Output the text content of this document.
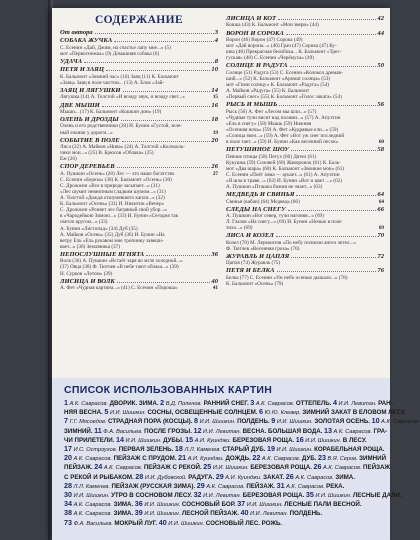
СОДЕРЖАНИЕ
От автора	3
СОБАКА ЖУЧКА	4
С. Есенин «Дай, Джим, на счастье лапу мне...» (5)
мот «Первоснежка» (9) Домашняя собака (6)
УДАЧА	8
ПЕТЯ И ЗАЯЦ	10
К. Бальмонт «Зимний час» (10) Заяц (11) К. Бальмонт
«Заяц» Заяц в поле чистом... (13) А. Блок «Зай-
ЗАЯЦ И ЛЯГУШКИ	14
15
Лягушка (14) А. Толстой «И всюду звук, и всюду свет...»
ДВЕ МЫШИ	16
Мыши... (17) К. Бальмонт «Кошкин дом» (19)
ОЛЕНЬ И ДРОЗДЫ	18
Олень и его родственники (20) И. Бунин «Густой, зеле-
19
ный ельник у дороги...»
СОБЫТИЕ В ПОЛЕ	20
Лиса (22) А. Майков «Нива» (24) А. Толстой «Колоколь-
чики мои...» (25) В. Брюсов «Облака» (25)
Еж (26)
СПОР ДЕРЕВЬЕВ	26
27
А. Пушкин «Осень» (28) Лес — это наше богатство
С. Есенин «Береза» (30) К. Бальмонт «Осень» (30)
С. Дрожжин «Все в природе засыпает...» (31)
«Лес шумит невнятным сладким шумом...» (31)
А. Толстой «Дождя отшумевшего капли...» (32)
К. Бальмонт «Осень» (33) И. Никитин «Вечер»
С. Дрожжин «Роняет лес багряный свой убор...»
в «Чародейкою Зимою...» (33) И. Бунин «Сегодня так
светло кругом...» (33)
А. Бунин «Листопад» (34) Дуб (35)
А. Майков «Осень» (35) Дуб (36) И. Бунин «На
ветру Ель «Ель рукавом мне тропинку завеши-
вает...» (36) Земляника (37)
НЕПОСЛУШНЫЕ ЯГНЯТА	36
Волк (36) А. Пушкин «Встаёт заря во мгле холодной...»
(37) Овца (38) Ф. Тютчев «В небе тают облака...» (39)
Н. Сурков «Летом» (39)
ЛИСИЦА И ВОЛК	40
41
А. Фет «Чудная картина...» (41) С. Есенин «Пороша»
ЛИСИЦА И КОТ	42
Кошка (43) К. Бальмонт «Мои звери» (44)
ВОРОН И СОРОКА	44
Ворон (46) Ворон (47) Сорока (49)
мот «Дай ворона...» (46) Грач (47) Сорока (47) Ку-
шка (48) Прекрасная белобока... К. Бальмонт «Трес-
гуская» (48) С. Есенин «Черёмуха» (49)
СОЛНЦЕ И РАДУГА	50
Солнце (51) Радуга (53) С. Есенин «Колокол дремав-
ший...» (52) К. Бальмонт «Аромат солнца» (53)
мот «Гимн солнцу» К. Бальмонт «Радуга» (54)
А. Майков «Радуга» (55) К. Бальмонт
«Первый снег» (55) К. Бальмонт «Голос заката» (54)
РЫСЬ И МЫШЬ	56
Рысь (56) А. Фет «Лесом мы шли...» (57)
«Чудные тучи висят над полями...» (57) А. Апухтин
«Ель в снегу» (58) Мышь (59) Нижняя
«Осенняя ночь» (59) А. Фет «Кудрявые ели...» (59)
«Солнца звон...» (59) А. Фет «Вот уж снег последний
60
в поле тает...» (59) И. Бунин «Как весенний песок»
ПЕТУШИНОЕ ШОУ	58
Певчие птицы (58) Петух (60) Дятел (61)
Кукушка (59) Соловей (60) Жаворонок (61) К. Баль-
мот «Два шара» (60) К. Бальмонт «Звонкие мои» (61)
С. Есенин «Поёт зима — аукает...» (61) А. Апухтин
«Я шла в траве...» (62) И. Бунин «Вот и цвет ...» (62)
А. Пушкин «Пташка божия не знает...» (63)
МЕДВЕДЬ И СВИНЬЯ	64
64
Свинья (кабан) (64) Медведь (66)
СЛЕДЫ НА СНЕГУ	66
А. Пушкин «Вот север, тучи нагоняя...» (69)
Л. Глазов «На снегу...» (69) И. Бунин «Ночью в поле
69
тихо...» (69)
ЛИСА И КОЗЕЛ	70
Козел (70) М. Лермонтов «По небу полночи ангел летел...»
Ф. Тютчев «Весенняя гроза» (70)
ЖУРАВЛЬ И ЦАПЛЯ	72
Цапля (74) Журавль (75)
ПЕТЯ И БЕЛКА	76
Белка (77) С. Есенин «Уж небо осенью дышало...» (78)
К. Бальмонт «Осень» (79)
СПИСОК ИСПОЛЬЗОВАННЫХ КАРТИН
1 А.К. Саврасов. ДВОРИК. ЗИМА. 2 В.Д. Поленов. РАННИЙ СНЕГ. 3 А.К. Саврасов. ОТТЕПЕЛЬ. 4 И.И. Левитан. РАН-
НЯЯ ВЕСНА. 5 И.И. Шишкин. СОСНЫ, ОСВЕЩЕННЫЕ СОЛНЦЕМ. 6 Ю.Ю. Клевер. ЗИМНИЙ ЗАКАТ В ЕЛОВОМ ЛЕСУ.
7 Г.Г. Мясоедов. СТРАДНАЯ ПОРА (КОСЦЫ). 8 И.И. Шишкин. ПОЛДЕНЬ. 9 И.И. Шишкин. ЗОЛОТАЯ ОСЕНЬ. 10 А.К. Саврасов.
ЗИМНИЙ. 11 Ф.А. Васильев. ПОСЛЕ ГРОЗЫ. 12 И.И. Левитан. ВЕСНА. БОЛЬШАЯ ВОДА. 13 А.К. Саврасов. ГРА-
ЧИ ПРИЛЕТЕЛИ. 14 И.И. Шишкин. ДУБЫ. 15 А.И. Куинджи. БЕРЕЗОВАЯ РОЩА. 16 И.И. Шишкин. В ЛЕСУ.
17 И.С. Остроухов. ПЕРВАЯ ЗЕЛЕНЬ. 18 Л.Л. Каменев. СТАРЫЙ ДУБ. 19 И.И. Шишкин. КОРАБЕЛЬНАЯ РОЩА.
20 А.К. Саврасов. ПЕЙЗАЖ С ПРУДОМ. 21 А.И. Куинджи. ДОЖДЬ. 22 А.К. Саврасов. ДУБ. 23 В.Я. Серов. ЗИМНИЙ
ПЕЙЗАЖ. 24 А.К. Саврасов. ПЕЙЗАЖ С РЕКОЙ. 25 И.И. Шишкин. БЕРЕЗОВАЯ РОЩА. 26 А.К. Саврасов. ПЕЙЗАЖ
С РЕКОЙ И РЫБАКОМ. 28 И.И. Дубовской. РАДУГА. 29 А.И. Куинджи. ЗАКАТ. 26 А.К. Саврасов. ЗИМА.
28 Л.Л. Каменев. ПЕЙЗАЖ (РУССКАЯ ЗИМА). 29 А.К. Саврасов. ПЕЙЗАЖ. 31 А.К. Саврасов. РЕКА.
30 И.И. Шишкин. УТРО В СОСНОВОМ ЛЕСУ. 32 И.И. Левитан. БЕРЕЗОВАЯ РОЩА. 35 И.И. Шишкин. ЛЕСНЫЕ ДАЛИ.
34 А.К. Саврасов. ЗИМА. 36 И.И. Шишкин. СОСНОВЫЙ БОР. 37 И.И. Шишкин. ЛЕСНЫЕ ПАЛИ ВЕСНОЙ.
38 А.К. Саврасов. ЗИМА. 39 И.И. Шишкин. ЛЕСНОЙ ПЕЙЗАЖ. 40 И.И. Левитан. ПОЛДЕНЬ.
73 Ф.А. Васильев. МОКРЫЙ ЛУГ. 40 И.И. Шишкин. СОСНОВЫЙ ЛЕС. РОЖЬ.
